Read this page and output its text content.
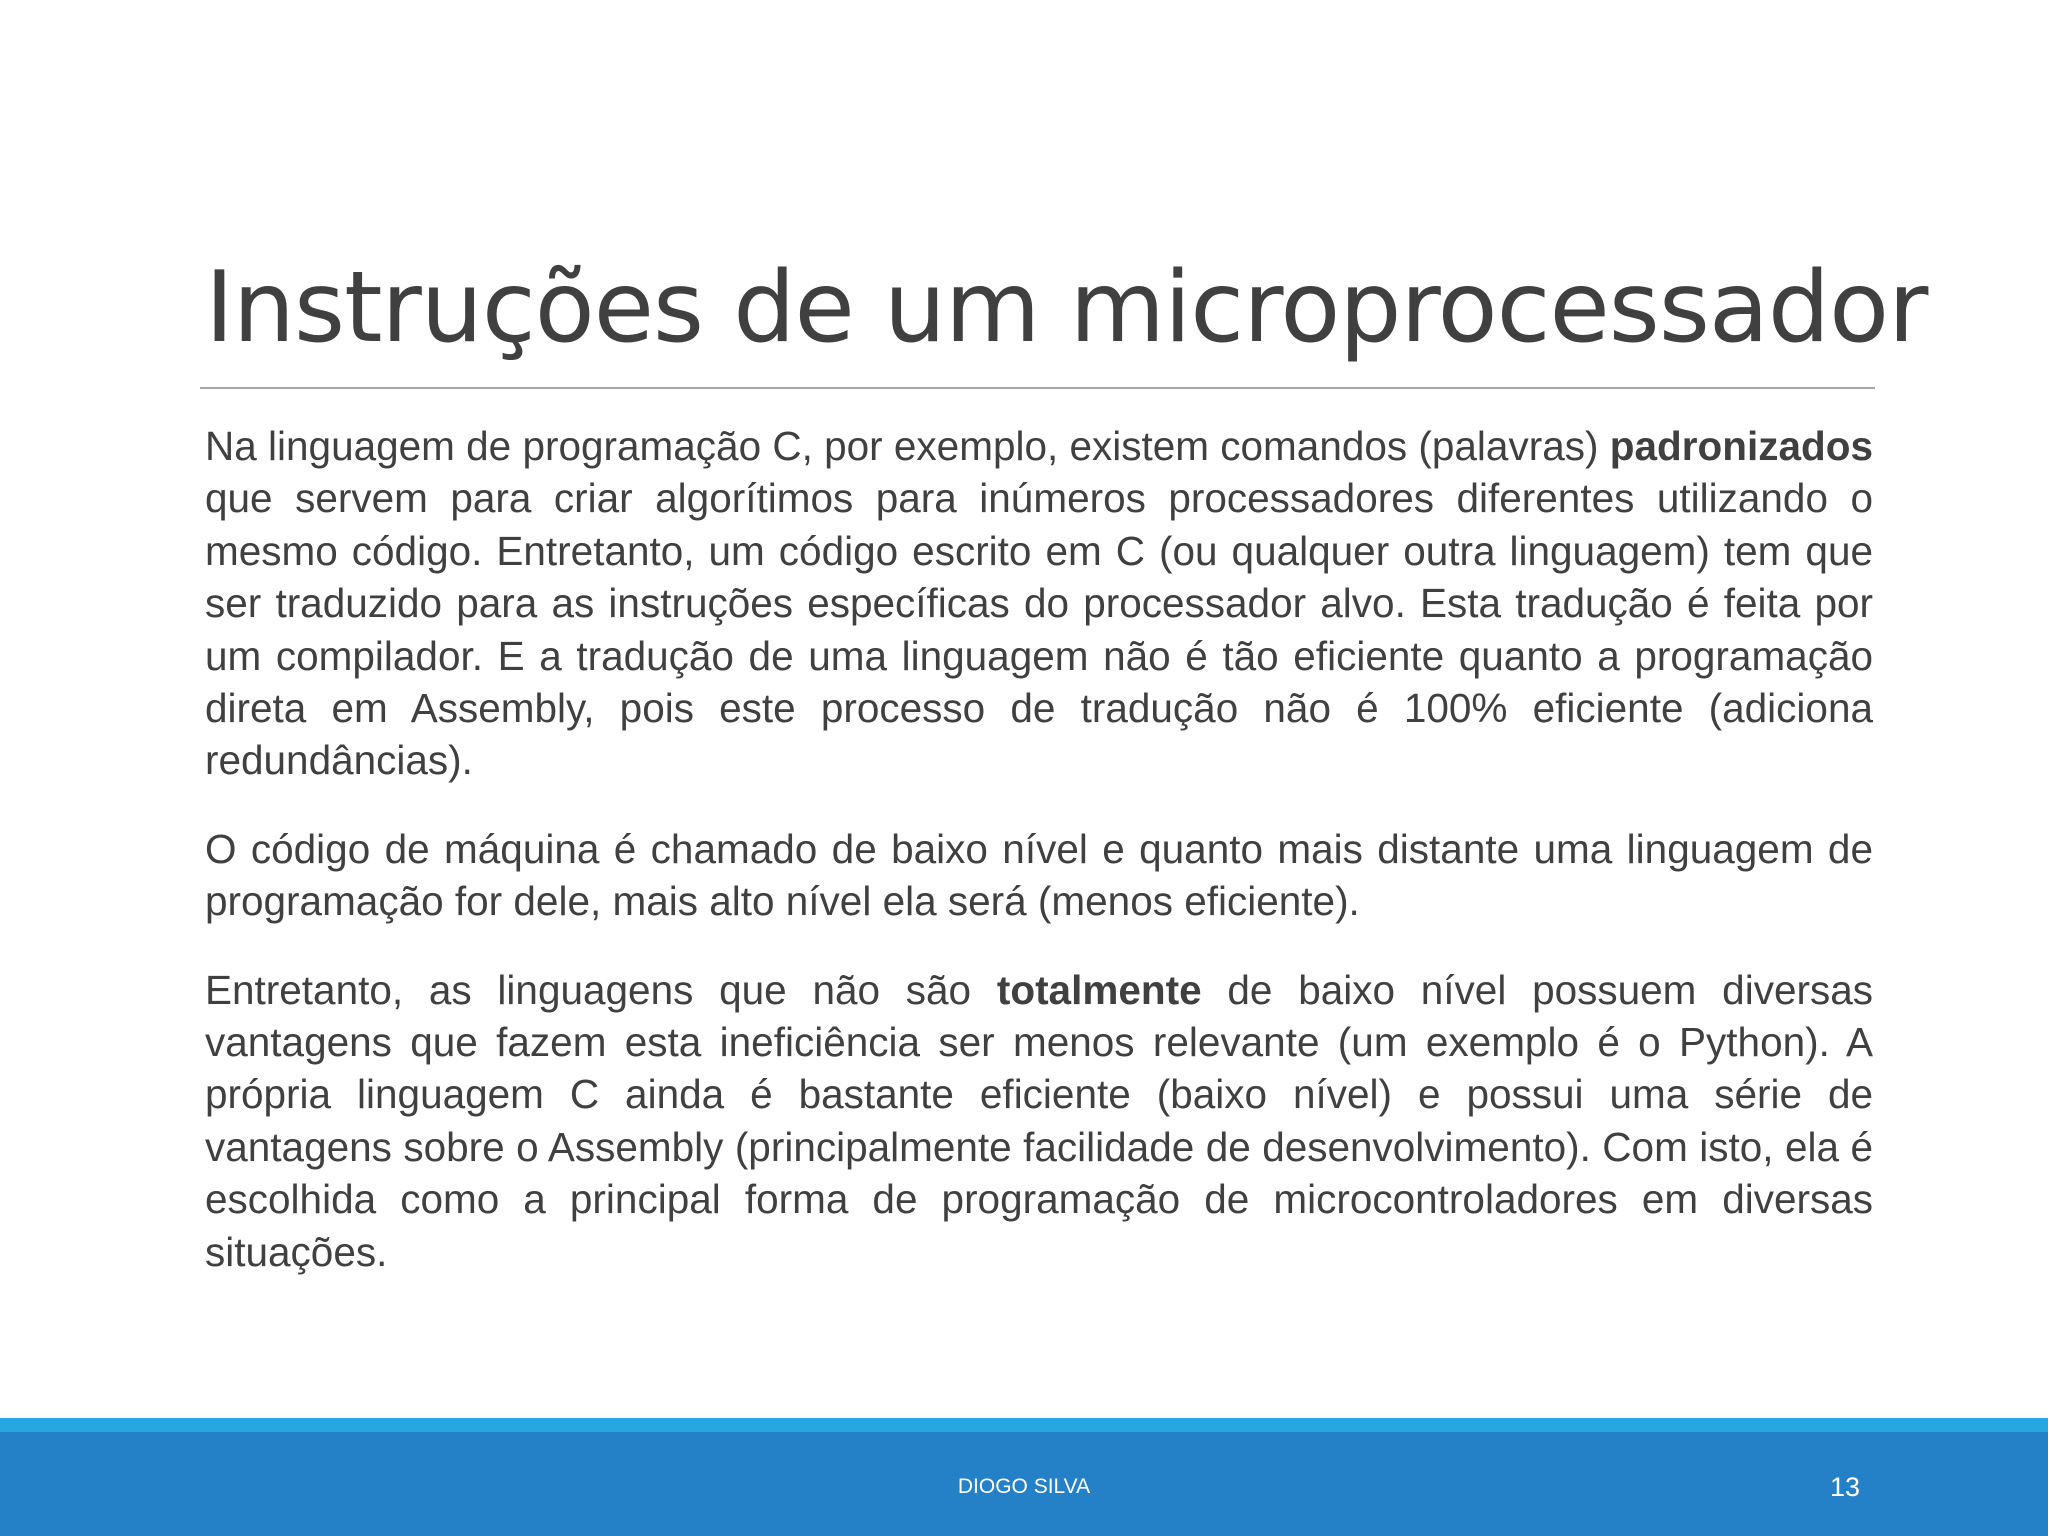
Instruções de um microprocessador

Na linguagem de programação C, por exemplo, existem comandos (palavras) padronizados que servem para criar algorítimos para inúmeros processadores diferentes utilizando o mesmo código. Entretanto, um código escrito em C (ou qualquer outra linguagem) tem que ser traduzido para as instruções específicas do processador alvo. Esta tradução é feita por um compilador. E a tradução de uma linguagem não é tão eficiente quanto a programação direta em Assembly, pois este processo de tradução não é 100% eficiente (adiciona redundâncias).

O código de máquina é chamado de baixo nível e quanto mais distante uma linguagem de programação for dele, mais alto nível ela será (menos eficiente).

Entretanto, as linguagens que não são totalmente de baixo nível possuem diversas vantagens que fazem esta ineficiência ser menos relevante (um exemplo é o Python). A própria linguagem C ainda é bastante eficiente (baixo nível) e possui uma série de vantagens sobre o Assembly (principalmente facilidade de desenvolvimento). Com isto, ela é escolhida como a principal forma de programação de microcontroladores em diversas situações.

DIOGO SILVA	13
